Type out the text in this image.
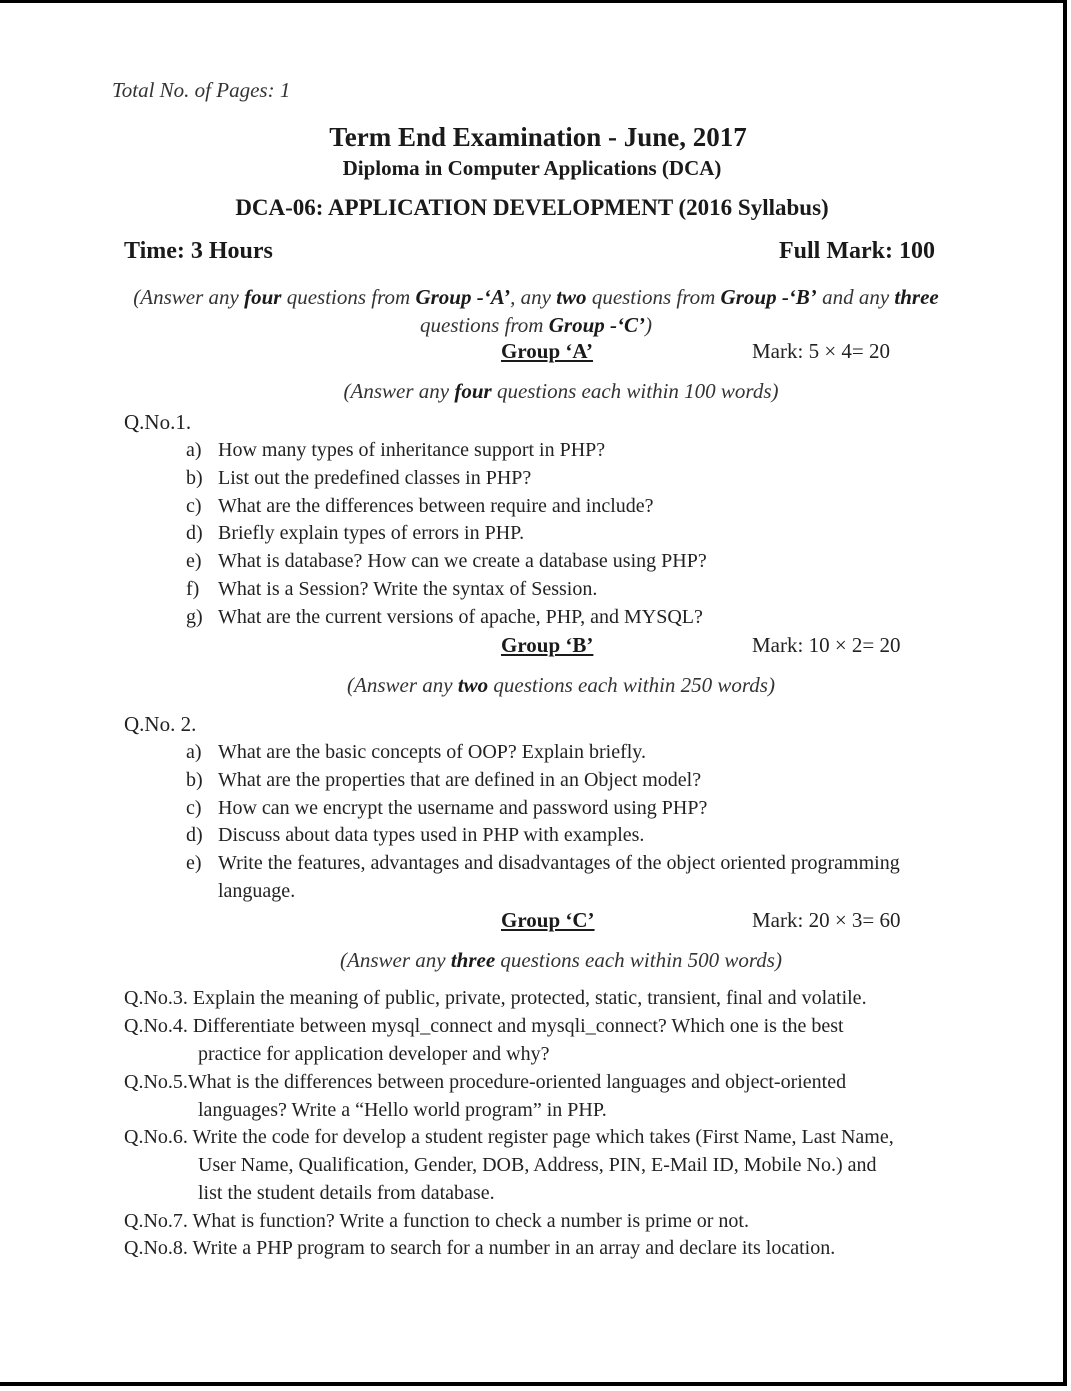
Total No. of Pages: 1
Term End Examination - June, 2017
Diploma in Computer Applications (DCA)
DCA-06: APPLICATION DEVELOPMENT (2016 Syllabus)
Time: 3 Hours	Full Mark: 100
(Answer any four questions from Group -‘A’, any two questions from Group -‘B’ and any three
questions from Group -‘C’)
Group ‘A’	Mark: 5 × 4= 20
(Answer any four questions each within 100 words)
Q.No.1.
a) How many types of inheritance support in PHP?
b) List out the predefined classes in PHP?
c) What are the differences between require and include?
d) Briefly explain types of errors in PHP.
e) What is database? How can we create a database using PHP?
f) What is a Session? Write the syntax of Session.
g) What are the current versions of apache, PHP, and MYSQL?
Group ‘B’	Mark: 10 × 2= 20
(Answer any two questions each within 250 words)
Q.No. 2.
a) What are the basic concepts of OOP? Explain briefly.
b) What are the properties that are defined in an Object model?
c) How can we encrypt the username and password using PHP?
d) Discuss about data types used in PHP with examples.
e) Write the features, advantages and disadvantages of the object oriented programming language.
Group ‘C’	Mark: 20 × 3= 60
(Answer any three questions each within 500 words)
Q.No.3. Explain the meaning of public, private, protected, static, transient, final and volatile.
Q.No.4. Differentiate between mysql_connect and mysqli_connect? Which one is the best
practice for application developer and why?
Q.No.5.What is the differences between procedure-oriented languages and object-oriented
languages? Write a “Hello world program” in PHP.
Q.No.6. Write the code for develop a student register page which takes (First Name, Last Name,
User Name, Qualification, Gender, DOB, Address, PIN, E-Mail ID, Mobile No.) and
list the student details from database.
Q.No.7. What is function? Write a function to check a number is prime or not.
Q.No.8. Write a PHP program to search for a number in an array and declare its location.
